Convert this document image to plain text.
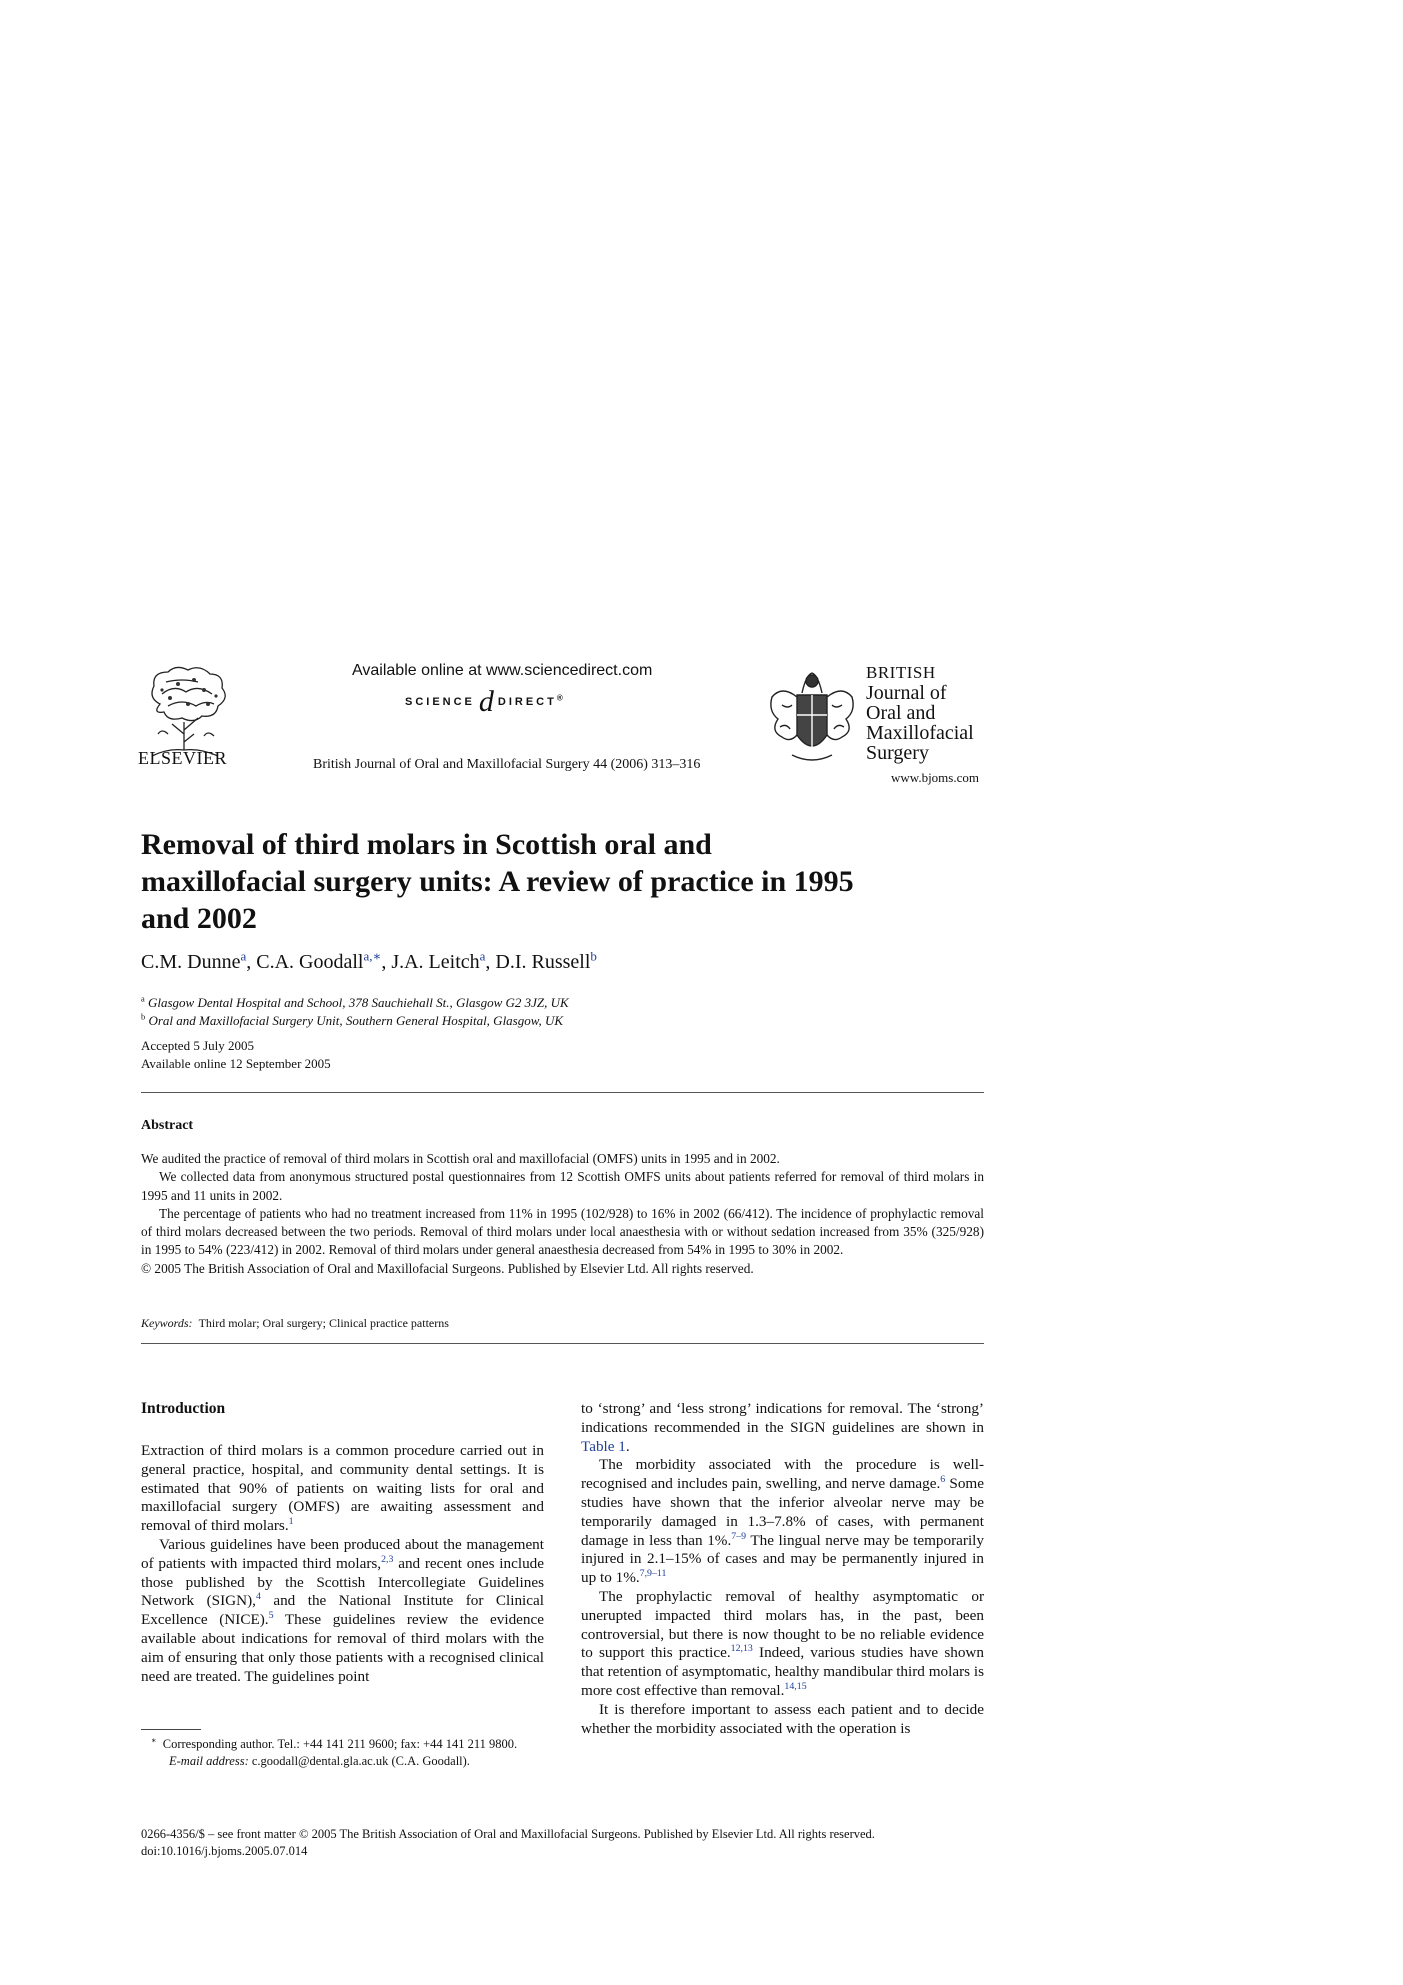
ELSEVIER
Available online at www.sciencedirect.com
SCIENCE d DIRECT®
British Journal of Oral and Maxillofacial Surgery 44 (2006) 313–316
BRITISH
Journal of
Oral and
Maxillofacial
Surgery
www.bjoms.com
Removal of third molars in Scottish oral and maxillofacial surgery units: A review of practice in 1995 and 2002
C.M. Dunne$^a$, C.A. Goodall$^{a,∗}$, J.A. Leitch$^a$, D.I. Russell$^b$
$^a$ Glasgow Dental Hospital and School, 378 Sauchiehall St., Glasgow G2 3JZ, UK
$^b$ Oral and Maxillofacial Surgery Unit, Southern General Hospital, Glasgow, UK
Accepted 5 July 2005
Available online 12 September 2005
Abstract

We audited the practice of removal of third molars in Scottish oral and maxillofacial (OMFS) units in 1995 and in 2002.

We collected data from anonymous structured postal questionnaires from 12 Scottish OMFS units about patients referred for removal of third molars in 1995 and 11 units in 2002.

The percentage of patients who had no treatment increased from 11% in 1995 (102/928) to 16% in 2002 (66/412). The incidence of prophylactic removal of third molars decreased between the two periods. Removal of third molars under local anaesthesia with or without sedation increased from 35% (325/928) in 1995 to 54% (223/412) in 2002. Removal of third molars under general anaesthesia decreased from 54% in 1995 to 30% in 2002.

© 2005 The British Association of Oral and Maxillofacial Surgeons. Published by Elsevier Ltd. All rights reserved.

Keywords: Third molar; Oral surgery; Clinical practice patterns
Introduction

Extraction of third molars is a common procedure carried out in general practice, hospital, and community dental settings. It is estimated that 90% of patients on waiting lists for oral and maxillofacial surgery (OMFS) are awaiting assessment and removal of third molars.$^1$

Various guidelines have been produced about the management of patients with impacted third molars,$^{2,3}$ and recent ones include those published by the Scottish Intercollegiate Guidelines Network (SIGN),$^4$ and the National Institute for Clinical Excellence (NICE).$^5$ These guidelines review the evidence available about indications for removal of third molars with the aim of ensuring that only those patients with a recognised clinical need are treated. The guidelines point

to ‘strong’ and ‘less strong’ indications for removal. The ‘strong’ indications recommended in the SIGN guidelines are shown in Table 1.

The morbidity associated with the procedure is well-recognised and includes pain, swelling, and nerve damage.$^6$ Some studies have shown that the inferior alveolar nerve may be temporarily damaged in 1.3–7.8% of cases, with permanent damage in less than 1%.$^{7-9}$ The lingual nerve may be temporarily injured in 2.1–15% of cases and may be permanently injured in up to 1%.$^{7,9-11}$

The prophylactic removal of healthy asymptomatic or unerupted impacted third molars has, in the past, been controversial, but there is now thought to be no reliable evidence to support this practice.$^{12,13}$ Indeed, various studies have shown that retention of asymptomatic, healthy mandibular third molars is more cost effective than removal.$^{14,15}$

It is therefore important to assess each patient and to decide whether the morbidity associated with the operation is

∗ Corresponding author. Tel.: +44 141 211 9600; fax: +44 141 211 9800.
E-mail address: c.goodall@dental.gla.ac.uk (C.A. Goodall).
0266-4356/$ – see front matter © 2005 The British Association of Oral and Maxillofacial Surgeons. Published by Elsevier Ltd. All rights reserved.
doi:10.1016/j.bjoms.2005.07.014
